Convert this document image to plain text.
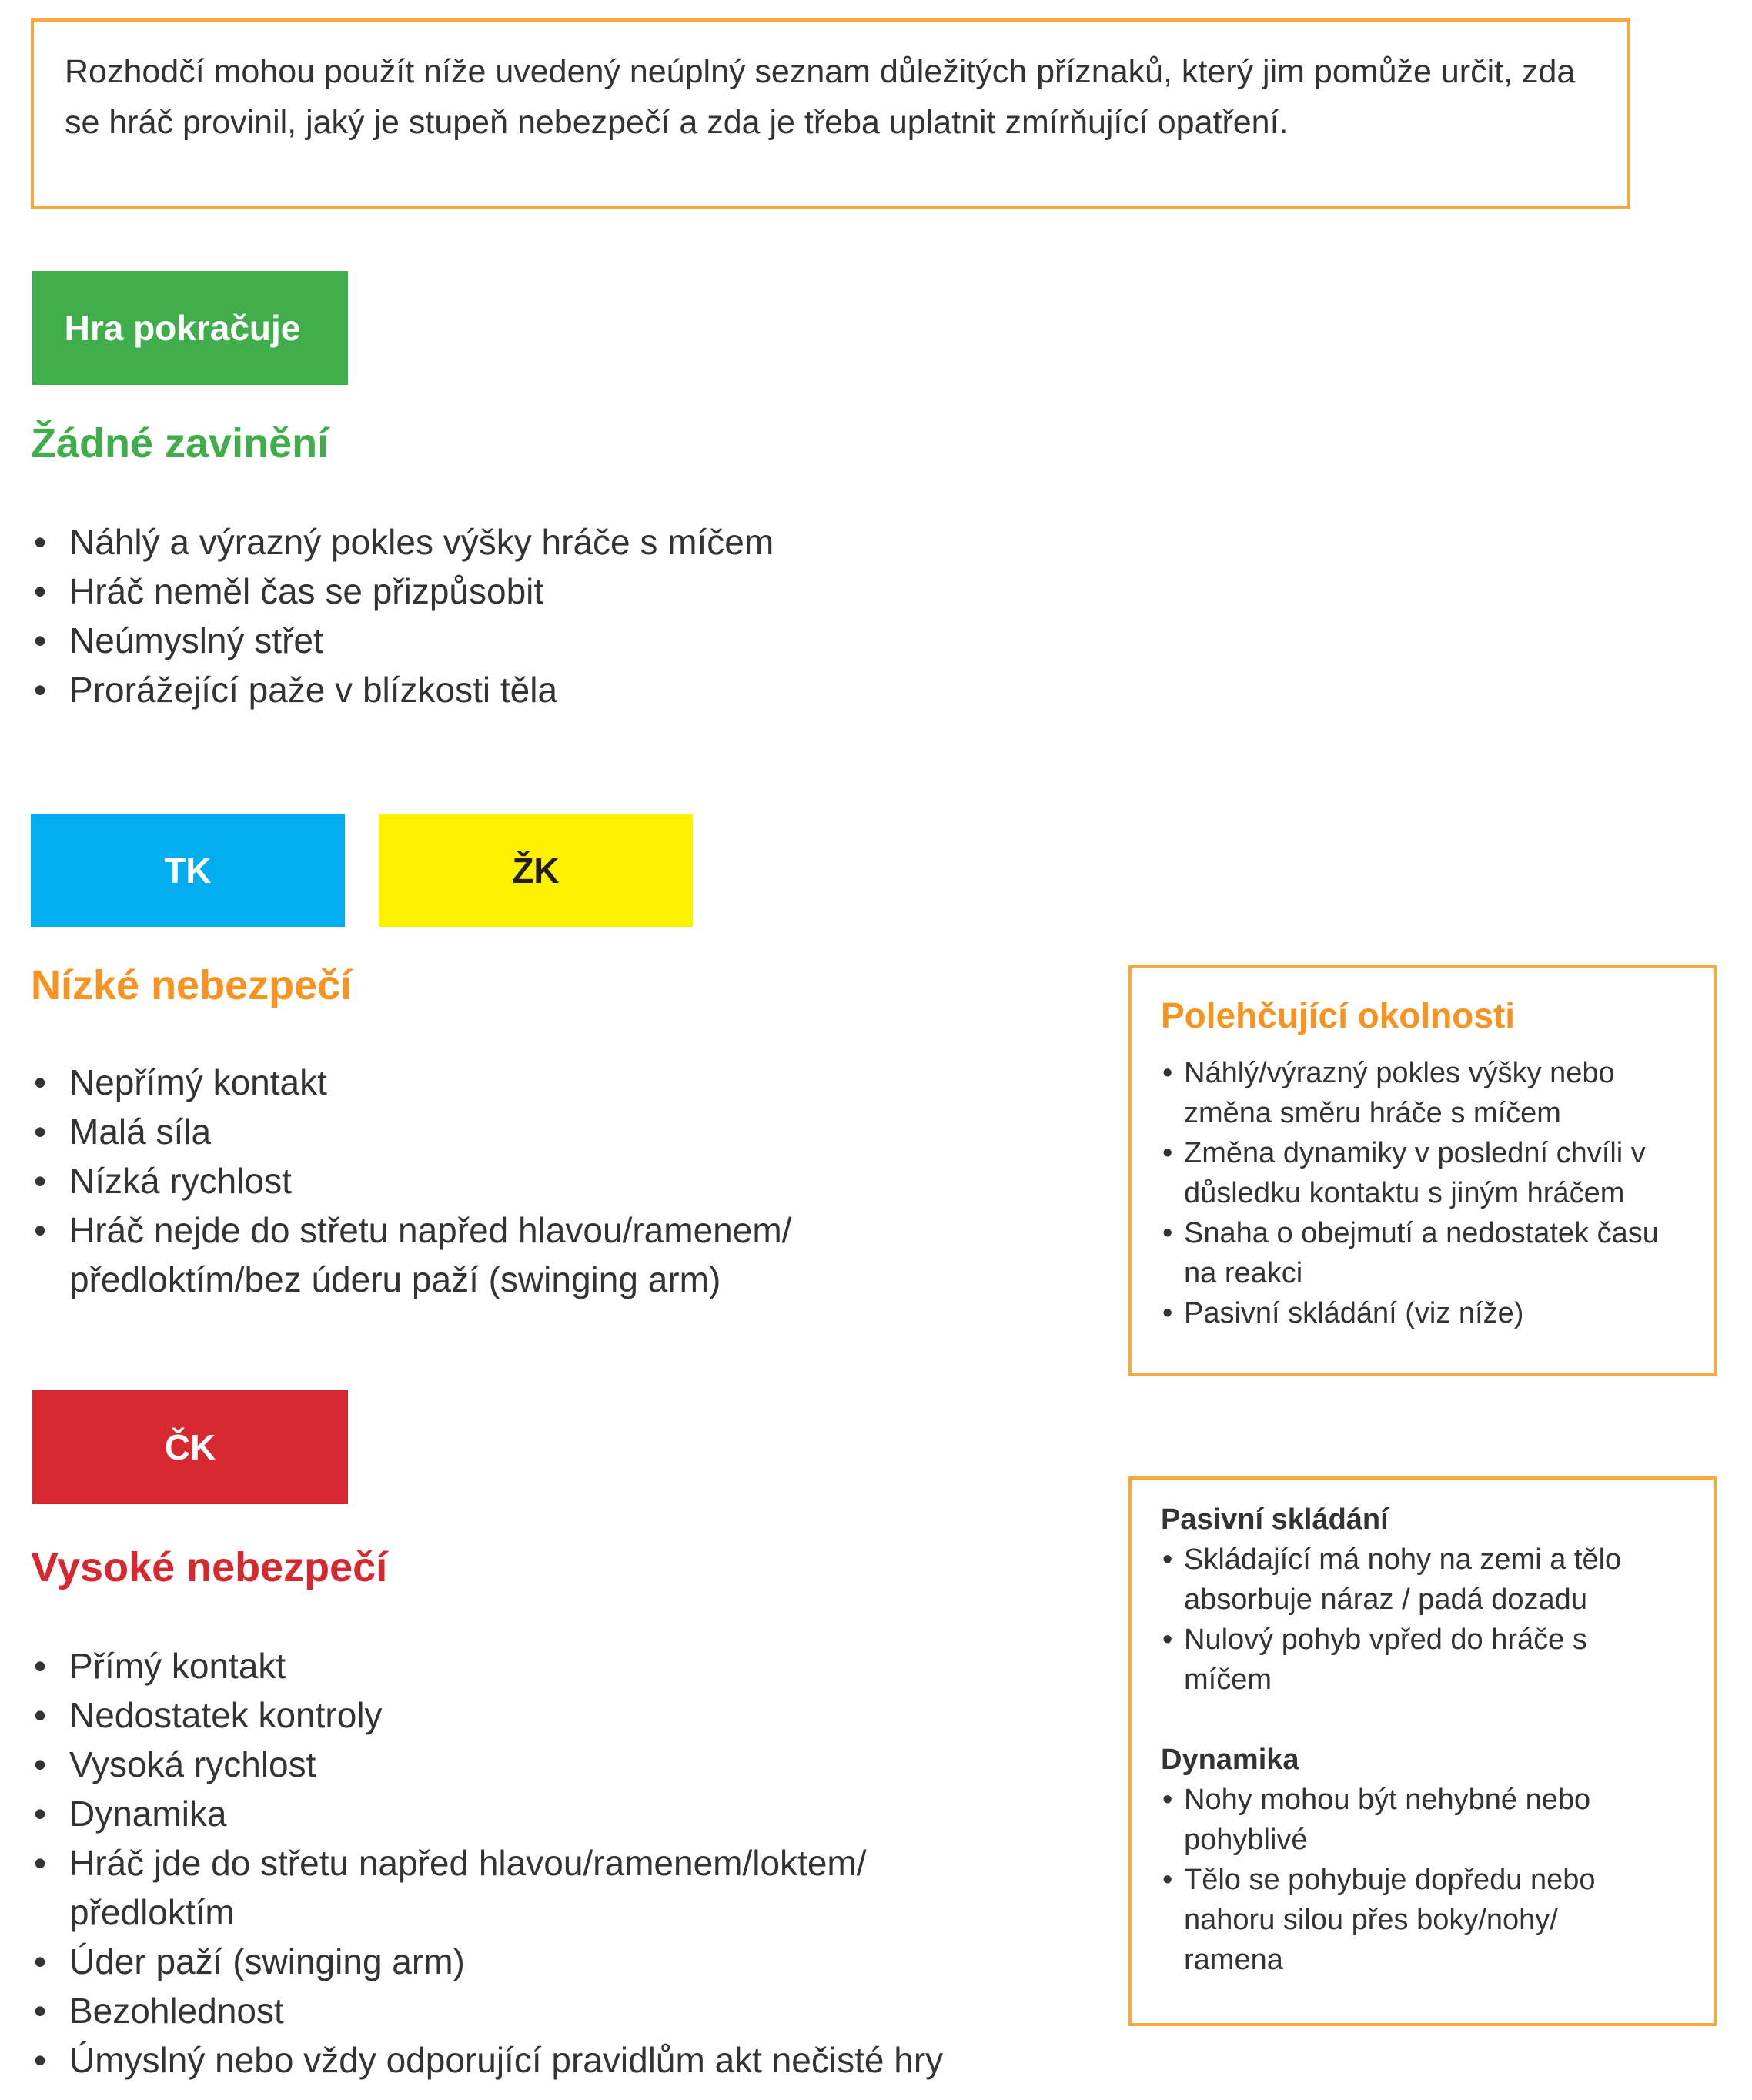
Rozhodčí mohou použít níže uvedený neúplný seznam důležitých příznaků, který jim pomůže určit, zda se hráč provinil, jaký je stupeň nebezpečí a zda je třeba uplatnit zmírňující opatření.
Hra pokračuje
Žádné zavinění
• Náhlý a výrazný pokles výšky hráče s míčem
• Hráč neměl čas se přizpůsobit
• Neúmyslný střet
• Prorážející paže v blízkosti těla
TK	ŽK
Nízké nebezpečí
• Nepřímý kontakt
• Malá síla
• Nízká rychlost
• Hráč nejde do střetu napřed hlavou/ramenem/ předloktím/bez úderu paží (swinging arm)
ČK
Vysoké nebezpečí
• Přímý kontakt
• Nedostatek kontroly
• Vysoká rychlost
• Dynamika
• Hráč jde do střetu napřed hlavou/ramenem/loktem/ předloktím
• Úder paží (swinging arm)
• Bezohlednost
• Úmyslný nebo vždy odporující pravidlům akt nečisté hry
Polehčující okolnosti
• Náhlý/výrazný pokles výšky nebo změna směru hráče s míčem
• Změna dynamiky v poslední chvíli v důsledku kontaktu s jiným hráčem
• Snaha o obejmutí a nedostatek času na reakci
• Pasivní skládání (viz níže)
Pasivní skládání
• Skládající má nohy na zemi a tělo absorbuje náraz / padá dozadu
• Nulový pohyb vpřed do hráče s míčem
Dynamika
• Nohy mohou být nehybné nebo pohyblivé
• Tělo se pohybuje dopředu nebo nahoru silou přes boky/nohy/ ramena
